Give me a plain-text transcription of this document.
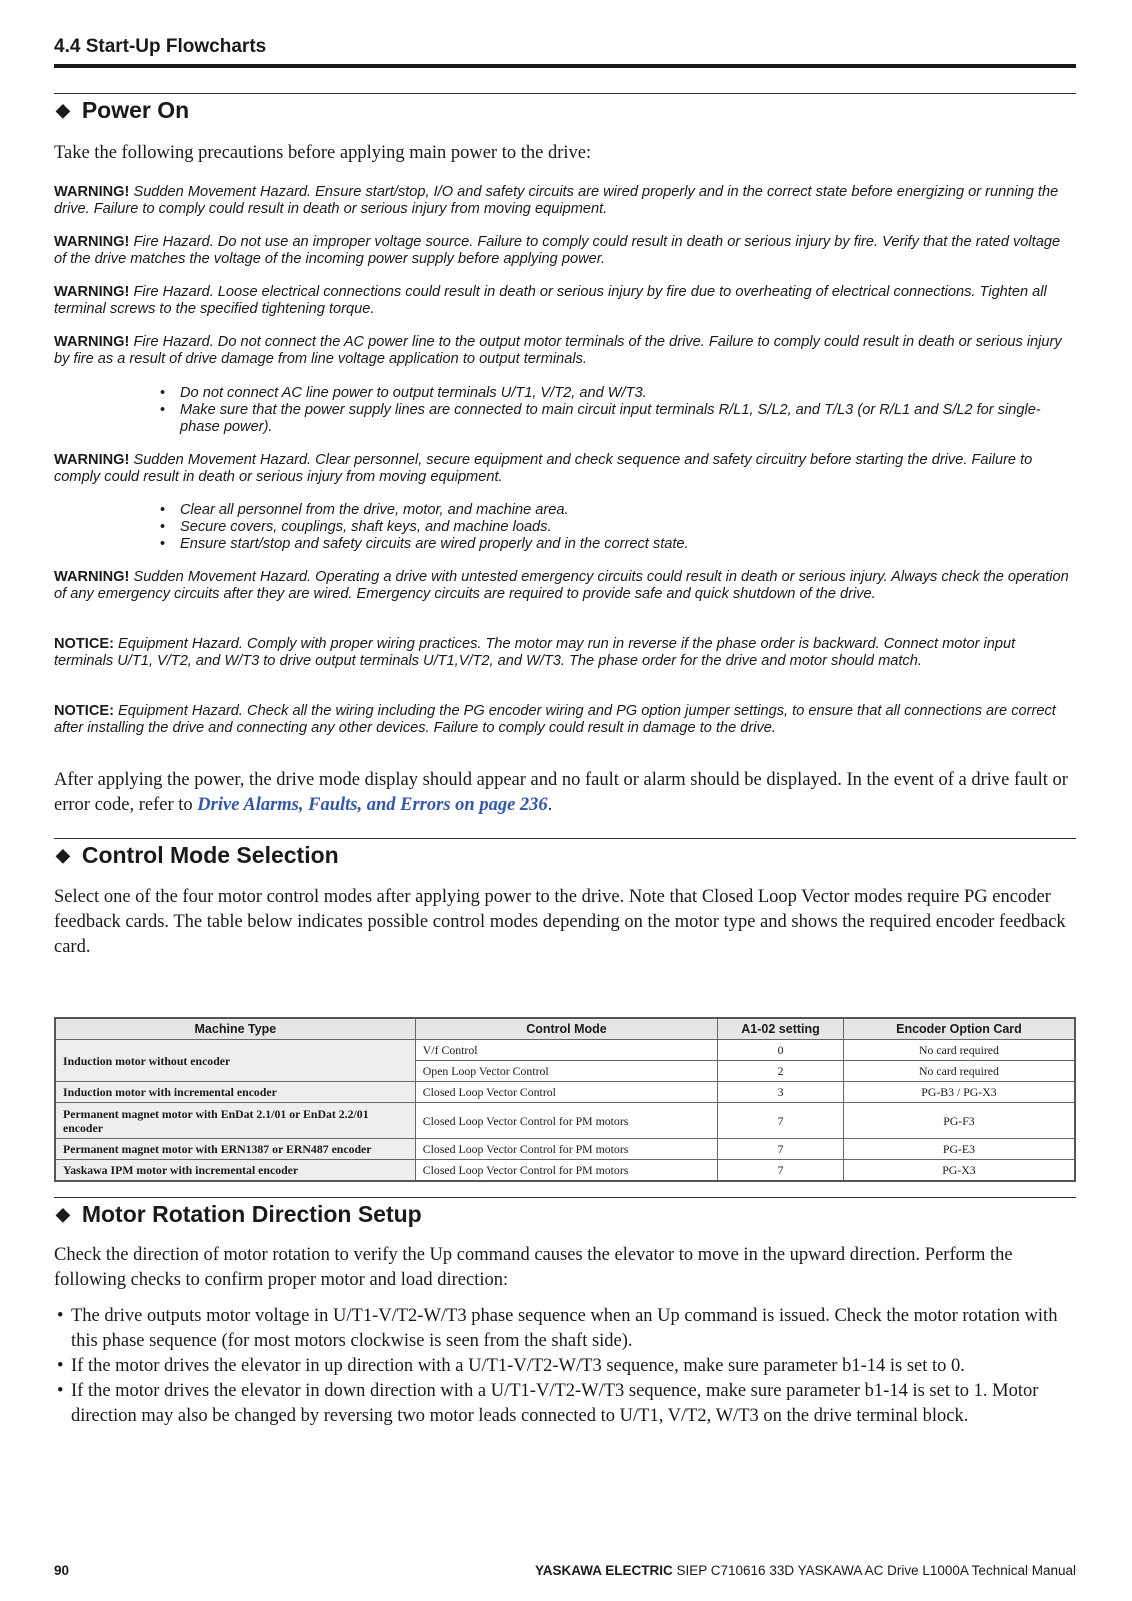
4.4 Start-Up Flowcharts
◆ Power On
Take the following precautions before applying main power to the drive:
WARNING! Sudden Movement Hazard. Ensure start/stop, I/O and safety circuits are wired properly and in the correct state before energizing or running the drive. Failure to comply could result in death or serious injury from moving equipment.
WARNING! Fire Hazard. Do not use an improper voltage source. Failure to comply could result in death or serious injury by fire. Verify that the rated voltage of the drive matches the voltage of the incoming power supply before applying power.
WARNING! Fire Hazard. Loose electrical connections could result in death or serious injury by fire due to overheating of electrical connections. Tighten all terminal screws to the specified tightening torque.
WARNING! Fire Hazard. Do not connect the AC power line to the output motor terminals of the drive. Failure to comply could result in death or serious injury by fire as a result of drive damage from line voltage application to output terminals.
• Do not connect AC line power to output terminals U/T1, V/T2, and W/T3.
• Make sure that the power supply lines are connected to main circuit input terminals R/L1, S/L2, and T/L3 (or R/L1 and S/L2 for single-phase power).
WARNING! Sudden Movement Hazard. Clear personnel, secure equipment and check sequence and safety circuitry before starting the drive. Failure to comply could result in death or serious injury from moving equipment.
• Clear all personnel from the drive, motor, and machine area.
• Secure covers, couplings, shaft keys, and machine loads.
• Ensure start/stop and safety circuits are wired properly and in the correct state.
WARNING! Sudden Movement Hazard. Operating a drive with untested emergency circuits could result in death or serious injury. Always check the operation of any emergency circuits after they are wired. Emergency circuits are required to provide safe and quick shutdown of the drive.
NOTICE: Equipment Hazard. Comply with proper wiring practices. The motor may run in reverse if the phase order is backward. Connect motor input terminals U/T1, V/T2, and W/T3 to drive output terminals U/T1,V/T2, and W/T3. The phase order for the drive and motor should match.
NOTICE: Equipment Hazard. Check all the wiring including the PG encoder wiring and PG option jumper settings, to ensure that all connections are correct after installing the drive and connecting any other devices. Failure to comply could result in damage to the drive.
After applying the power, the drive mode display should appear and no fault or alarm should be displayed. In the event of a drive fault or error code, refer to Drive Alarms, Faults, and Errors on page 236.
◆ Control Mode Selection
Select one of the four motor control modes after applying power to the drive. Note that Closed Loop Vector modes require PG encoder feedback cards. The table below indicates possible control modes depending on the motor type and shows the required encoder feedback card.
Machine Type	Control Mode	A1-02 setting	Encoder Option Card
Induction motor without encoder	V/f Control	0	No card required
	Open Loop Vector Control	2	No card required
Induction motor with incremental encoder	Closed Loop Vector Control	3	PG-B3 / PG-X3
Permanent magnet motor with EnDat 2.1/01 or EnDat 2.2/01 encoder	Closed Loop Vector Control for PM motors	7	PG-F3
Permanent magnet motor with ERN1387 or ERN487 encoder	Closed Loop Vector Control for PM motors	7	PG-E3
Yaskawa IPM motor with incremental encoder	Closed Loop Vector Control for PM motors	7	PG-X3
◆ Motor Rotation Direction Setup
Check the direction of motor rotation to verify the Up command causes the elevator to move in the upward direction. Perform the following checks to confirm proper motor and load direction:
• The drive outputs motor voltage in U/T1-V/T2-W/T3 phase sequence when an Up command is issued. Check the motor rotation with this phase sequence (for most motors clockwise is seen from the shaft side).
• If the motor drives the elevator in up direction with a U/T1-V/T2-W/T3 sequence, make sure parameter b1-14 is set to 0.
• If the motor drives the elevator in down direction with a U/T1-V/T2-W/T3 sequence, make sure parameter b1-14 is set to 1. Motor direction may also be changed by reversing two motor leads connected to U/T1, V/T2, W/T3 on the drive terminal block.
90	YASKAWA ELECTRIC SIEP C710616 33D YASKAWA AC Drive L1000A Technical Manual
